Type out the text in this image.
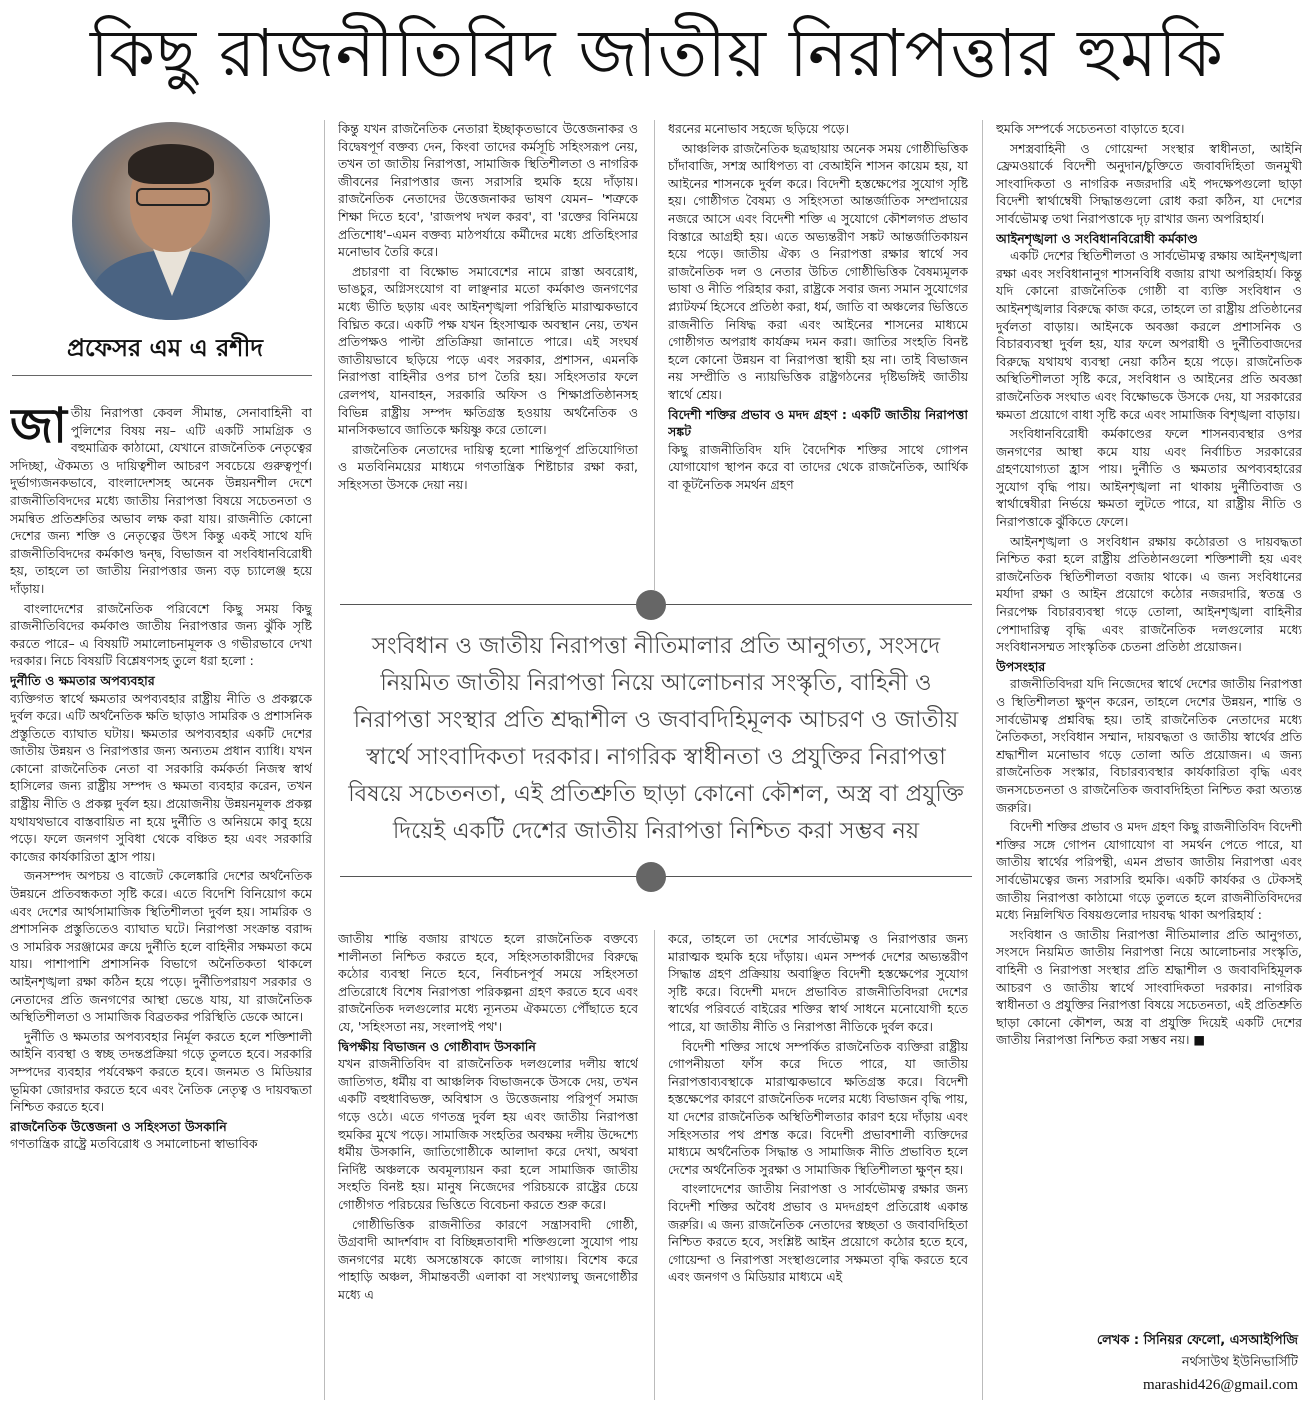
কিছু রাজনীতিবিদ জাতীয় নিরাপত্তার হুমকি
প্রফেসর এম এ রশীদ

জাতীয় নিরাপত্তা কেবল সীমান্ত, সেনাবাহিনী বা পুলিশের বিষয় নয়– এটি একটি সামগ্রিক ও বহুমাত্রিক কাঠামো, যেখানে রাজনৈতিক নেতৃত্বের সদিচ্ছা, ঐকমত্য ও দায়িত্বশীল আচরণ সবচেয়ে গুরুত্বপূর্ণ। দুর্ভাগ্যজনকভাবে, বাংলাদেশসহ অনেক উন্নয়নশীল দেশে রাজনীতিবিদদের মধ্যে জাতীয় নিরাপত্তা বিষয়ে সচেতনতা ও সমন্বিত প্রতিশ্রুতির অভাব লক্ষ করা যায়। রাজনীতি কোনো দেশের জন্য শক্তি ও নেতৃত্বের উৎস কিন্তু একই সাথে যদি রাজনীতিবিদদের কর্মকাণ্ড দ্বন্দ্ব, বিভাজন বা সংবিধানবিরোধী হয়, তাহলে তা জাতীয় নিরাপত্তার জন্য বড় চ্যালেঞ্জ হয়ে দাঁড়ায়।

বাংলাদেশের রাজনৈতিক পরিবেশে কিছু সময় কিছু রাজনীতিবিদের কর্মকাণ্ড জাতীয় নিরাপত্তার জন্য ঝুঁকি সৃষ্টি করতে পারে– এ বিষয়টি সমালোচনামূলক ও গভীরভাবে দেখা দরকার। নিচে বিষয়টি বিশ্লেষণসহ তুলে ধরা হলো :

দুর্নীতি ও ক্ষমতার অপব্যবহার

ব্যক্তিগত স্বার্থে ক্ষমতার অপব্যবহার রাষ্ট্রীয় নীতি ও প্রকল্পকে দুর্বল করে। এটি অর্থনৈতিক ক্ষতি ছাড়াও সামরিক ও প্রশাসনিক প্রস্তুতিতে ব্যাঘাত ঘটায়। ক্ষমতার অপব্যবহার একটি দেশের জাতীয় উন্নয়ন ও নিরাপত্তার জন্য অন্যতম প্রধান ব্যাধি। যখন কোনো রাজনৈতিক নেতা বা সরকারি কর্মকর্তা নিজস্ব স্বার্থ হাসিলের জন্য রাষ্ট্রীয় সম্পদ ও ক্ষমতা ব্যবহার করেন, তখন রাষ্ট্রীয় নীতি ও প্রকল্প দুর্বল হয়। প্রয়োজনীয় উন্নয়নমূলক প্রকল্প যথাযথভাবে বাস্তবায়িত না হয়ে দুর্নীতি ও অনিয়মে কাবু হয়ে পড়ে। ফলে জনগণ সুবিধা থেকে বঞ্চিত হয় এবং সরকারি কাজের কার্যকারিতা হ্রাস পায়।

জনসম্পদ অপচয় ও বাজেট কেলেঙ্কারি দেশের অর্থনৈতিক উন্নয়নে প্রতিবন্ধকতা সৃষ্টি করে। এতে বিদেশি বিনিয়োগ কমে এবং দেশের আর্থসামাজিক স্থিতিশীলতা দুর্বল হয়। সামরিক ও প্রশাসনিক প্রস্তুতিতেও ব্যাঘাত ঘটে। নিরাপত্তা সংক্রান্ত বরাদ্দ ও সামরিক সরঞ্জামের ক্রয়ে দুর্নীতি হলে বাহিনীর সক্ষমতা কমে যায়। পাশাপাশি প্রশাসনিক বিভাগে অনৈতিকতা থাকলে আইনশৃঙ্খলা রক্ষা কঠিন হয়ে পড়ে। দুর্নীতিপরায়ণ সরকার ও নেতাদের প্রতি জনগণের আস্থা ভেঙে যায়, যা রাজনৈতিক অস্থিতিশীলতা ও সামাজিক বিব্রতকর পরিস্থিতি ডেকে আনে।

দুর্নীতি ও ক্ষমতার অপব্যবহার নির্মূল করতে হলে শক্তিশালী আইনি ব্যবস্থা ও স্বচ্ছ তদন্তপ্রক্রিয়া গড়ে তুলতে হবে। সরকারি সম্পদের ব্যবহার পর্যবেক্ষণ করতে হবে। জনমত ও মিডিয়ার ভূমিকা জোরদার করতে হবে এবং নৈতিক নেতৃত্ব ও দায়বদ্ধতা নিশ্চিত করতে হবে।

রাজনৈতিক উত্তেজনা ও সহিংসতা উসকানি

গণতান্ত্রিক রাষ্ট্রে মতবিরোধ ও সমালোচনা স্বাভাবিক

কিন্তু যখন রাজনৈতিক নেতারা ইচ্ছাকৃতভাবে উত্তেজনাকর ও বিদ্বেষপূর্ণ বক্তব্য দেন, কিংবা তাদের কর্মসূচি সহিংসরূপ নেয়, তখন তা জাতীয় নিরাপত্তা, সামাজিক স্থিতিশীলতা ও নাগরিক জীবনের নিরাপত্তার জন্য সরাসরি হুমকি হয়ে দাঁড়ায়। রাজনৈতিক নেতাদের উত্তেজনাকর ভাষণ যেমন– 'শত্রুকে শিক্ষা দিতে হবে', 'রাজপথ দখল করব', বা 'রক্তের বিনিময়ে প্রতিশোধ'–এমন বক্তব্য মাঠপর্যায়ে কর্মীদের মধ্যে প্রতিহিংসার মনোভাব তৈরি করে।

প্রচারণা বা বিক্ষোভ সমাবেশের নামে রাস্তা অবরোধ, ভাঙচুর, অগ্নিসংযোগ বা লাঞ্ছনার মতো কর্মকাণ্ড জনগণের মধ্যে ভীতি ছড়ায় এবং আইনশৃঙ্খলা পরিস্থিতি মারাত্মকভাবে বিঘ্নিত করে। একটি পক্ষ যখন হিংসাত্মক অবস্থান নেয়, তখন প্রতিপক্ষও পাল্টা প্রতিক্রিয়া জানাতে পারে। এই সংঘর্ষ জাতীয়ভাবে ছড়িয়ে পড়ে এবং সরকার, প্রশাসন, এমনকি নিরাপত্তা বাহিনীর ওপর চাপ তৈরি হয়। সহিংসতার ফলে রেলপথ, যানবাহন, সরকারি অফিস ও শিক্ষাপ্রতিষ্ঠানসহ বিভিন্ন রাষ্ট্রীয় সম্পদ ক্ষতিগ্রস্ত হওয়ায় অর্থনৈতিক ও মানসিকভাবে জাতিকে ক্ষয়িষ্ণু করে তোলে।

রাজনৈতিক নেতাদের দায়িত্ব হলো শান্তিপূর্ণ প্রতিযোগিতা ও মতবিনিময়ের মাধ্যমে গণতান্ত্রিক শিষ্টাচার রক্ষা করা, সহিংসতা উসকে দেয়া নয়।

ধরনের মনোভাব সহজে ছড়িয়ে পড়ে।

আঞ্চলিক রাজনৈতিক ছত্রছায়ায় অনেক সময় গোষ্ঠীভিত্তিক চাঁদাবাজি, সশস্ত্র আধিপত্য বা বেআইনি শাসন কায়েম হয়, যা আইনের শাসনকে দুর্বল করে। বিদেশী হস্তক্ষেপের সুযোগ সৃষ্টি হয়। গোষ্ঠীগত বৈষম্য ও সহিংসতা আন্তর্জাতিক সম্প্রদায়ের নজরে আসে এবং বিদেশী শক্তি এ সুযোগে কৌশলগত প্রভাব বিস্তারে আগ্রহী হয়। এতে অভ্যন্তরীণ সঙ্কট আন্তর্জাতিকায়ন হয়ে পড়ে। জাতীয় ঐক্য ও নিরাপত্তা রক্ষার স্বার্থে সব রাজনৈতিক দল ও নেতার উচিত গোষ্ঠীভিত্তিক বৈষম্যমূলক ভাষা ও নীতি পরিহার করা, রাষ্ট্রকে সবার জন্য সমান সুযোগের প্ল্যাটফর্ম হিসেবে প্রতিষ্ঠা করা, ধর্ম, জাতি বা অঞ্চলের ভিত্তিতে রাজনীতি নিষিদ্ধ করা এবং আইনের শাসনের মাধ্যমে গোষ্ঠীগত অপরাধ কার্যক্রম দমন করা। জাতির সংহতি বিনষ্ট হলে কোনো উন্নয়ন বা নিরাপত্তা স্থায়ী হয় না। তাই বিভাজন নয় সম্প্রীতি ও ন্যায়ভিত্তিক রাষ্ট্রগঠনের দৃষ্টিভঙ্গিই জাতীয় স্বার্থে শ্রেয়।

বিদেশী শক্তির প্রভাব ও মদদ গ্রহণ : একটি জাতীয় নিরাপত্তা সঙ্কট

কিছু রাজনীতিবিদ যদি বৈদেশিক শক্তির সাথে গোপন যোগাযোগ স্থাপন করে বা তাদের থেকে রাজনৈতিক, আর্থিক বা কূটনৈতিক সমর্থন গ্রহণ

সংবিধান ও জাতীয় নিরাপত্তা নীতিমালার প্রতি আনুগত্য, সংসদে নিয়মিত জাতীয় নিরাপত্তা নিয়ে আলোচনার সংস্কৃতি, বাহিনী ও নিরাপত্তা সংস্থার প্রতি শ্রদ্ধাশীল ও জবাবদিহিমূলক আচরণ ও জাতীয় স্বার্থে সাংবাদিকতা দরকার। নাগরিক স্বাধীনতা ও প্রযুক্তির নিরাপত্তা বিষয়ে সচেতনতা, এই প্রতিশ্রুতি ছাড়া কোনো কৌশল, অস্ত্র বা প্রযুক্তি দিয়েই একটি দেশের জাতীয় নিরাপত্তা নিশ্চিত করা সম্ভব নয়

জাতীয় শান্তি বজায় রাখতে হলে রাজনৈতিক বক্তব্যে শালীনতা নিশ্চিত করতে হবে, সহিংসতাকারীদের বিরুদ্ধে কঠোর ব্যবস্থা নিতে হবে, নির্বাচনপূর্ব সময়ে সহিংসতা প্রতিরোধে বিশেষ নিরাপত্তা পরিকল্পনা গ্রহণ করতে হবে এবং রাজনৈতিক দলগুলোর মধ্যে ন্যূনতম ঐকমত্যে পৌঁছাতে হবে যে, 'সহিংসতা নয়, সংলাপই পথ'।

দ্বিপক্ষীয় বিভাজন ও গোষ্ঠীবাদ উসকানি

যখন রাজনীতিবিদ বা রাজনৈতিক দলগুলোর দলীয় স্বার্থে জাতিগত, ধর্মীয় বা আঞ্চলিক বিভাজনকে উসকে দেয়, তখন একটি বহুধাবিভক্ত, অবিশ্বাস ও উত্তেজনায় পরিপূর্ণ সমাজ গড়ে ওঠে। এতে গণতন্ত্র দুর্বল হয় এবং জাতীয় নিরাপত্তা হুমকির মুখে পড়ে। সামাজিক সংহতির অবক্ষয় দলীয় উদ্দেশ্যে ধর্মীয় উসকানি, জাতিগোষ্ঠীকে আলাদা করে দেখা, অথবা নির্দিষ্ট অঞ্চলকে অবমূল্যায়ন করা হলে সামাজিক জাতীয় সংহতি বিনষ্ট হয়। মানুষ নিজেদের পরিচয়কে রাষ্ট্রের চেয়ে গোষ্ঠীগত পরিচয়ের ভিত্তিতে বিবেচনা করতে শুরু করে।

গোষ্ঠীভিত্তিক রাজনীতির কারণে সন্ত্রাসবাদী গোষ্ঠী, উগ্রবাদী আদর্শবাদ বা বিচ্ছিন্নতাবাদী শক্তিগুলো সুযোগ পায় জনগণের মধ্যে অসন্তোষকে কাজে লাগায়। বিশেষ করে পাহাড়ি অঞ্চল, সীমান্তবর্তী এলাকা বা সংখ্যালঘু জনগোষ্ঠীর মধ্যে এ

করে, তাহলে তা দেশের সার্বভৌমত্ব ও নিরাপত্তার জন্য মারাত্মক হুমকি হয়ে দাঁড়ায়। এমন সম্পর্ক দেশের অভ্যন্তরীণ সিদ্ধান্ত গ্রহণ প্রক্রিয়ায় অবাঞ্ছিত বিদেশী হস্তক্ষেপের সুযোগ সৃষ্টি করে। বিদেশী মদদে প্রভাবিত রাজনীতিবিদরা দেশের স্বার্থের পরিবর্তে বাইরের শক্তির স্বার্থ সাধনে মনোযোগী হতে পারে, যা জাতীয় নীতি ও নিরাপত্তা নীতিকে দুর্বল করে।

বিদেশী শক্তির সাথে সম্পর্কিত রাজনৈতিক ব্যক্তিরা রাষ্ট্রীয় গোপনীয়তা ফাঁস করে দিতে পারে, যা জাতীয় নিরাপত্তাব্যবস্থাকে মারাত্মকভাবে ক্ষতিগ্রস্ত করে। বিদেশী হস্তক্ষেপের কারণে রাজনৈতিক দলের মধ্যে বিভাজন বৃদ্ধি পায়, যা দেশের রাজনৈতিক অস্থিতিশীলতার কারণ হয়ে দাঁড়ায় এবং সহিংসতার পথ প্রশস্ত করে। বিদেশী প্রভাবশালী ব্যক্তিদের মাধ্যমে অর্থনৈতিক সিদ্ধান্ত ও সামাজিক নীতি প্রভাবিত হলে দেশের অর্থনৈতিক সুরক্ষা ও সামাজিক স্থিতিশীলতা ক্ষুণ্ন হয়।

বাংলাদেশের জাতীয় নিরাপত্তা ও সার্বভৌমত্ব রক্ষার জন্য বিদেশী শক্তির অবৈধ প্রভাব ও মদদগ্রহণ প্রতিরোধ একান্ত জরুরি। এ জন্য রাজনৈতিক নেতাদের স্বচ্ছতা ও জবাবদিহিতা নিশ্চিত করতে হবে, সংশ্লিষ্ট আইন প্রয়োগে কঠোর হতে হবে, গোয়েন্দা ও নিরাপত্তা সংস্থাগুলোর সক্ষমতা বৃদ্ধি করতে হবে এবং জনগণ ও মিডিয়ার মাধ্যমে এই

হুমকি সম্পর্কে সচেতনতা বাড়াতে হবে।

সশস্ত্রবাহিনী ও গোয়েন্দা সংস্থার স্বাধীনতা, আইনি ফ্রেমওয়ার্কে বিদেশী অনুদান/চুক্তিতে জবাবদিহিতা জনমুখী সাংবাদিকতা ও নাগরিক নজরদারি এই পদক্ষেপগুলো ছাড়া বিদেশী স্বার্থাম্বেষী সিদ্ধান্তগুলো রোধ করা কঠিন, যা দেশের সার্বভৌমত্ব তথা নিরাপত্তাকে দৃঢ় রাখার জন্য অপরিহার্য।

আইনশৃঙ্খলা ও সংবিধানবিরোধী কর্মকাণ্ড

একটি দেশের স্থিতিশীলতা ও সার্বভৌমত্ব রক্ষায় আইনশৃঙ্খলা রক্ষা এবং সংবিধানানুগ শাসনবিধি বজায় রাখা অপরিহার্য। কিন্তু যদি কোনো রাজনৈতিক গোষ্ঠী বা ব্যক্তি সংবিধান ও আইনশৃঙ্খলার বিরুদ্ধে কাজ করে, তাহলে তা রাষ্ট্রীয় প্রতিষ্ঠানের দুর্বলতা বাড়ায়। আইনকে অবজ্ঞা করলে প্রশাসনিক ও বিচারব্যবস্থা দুর্বল হয়, যার ফলে অপরাধী ও দুর্নীতিবাজদের বিরুদ্ধে যথাযথ ব্যবস্থা নেয়া কঠিন হয়ে পড়ে। রাজনৈতিক অস্থিতিশীলতা সৃষ্টি করে, সংবিধান ও আইনের প্রতি অবজ্ঞা রাজনৈতিক সংঘাত এবং বিক্ষোভকে উসকে দেয়, যা সরকারের ক্ষমতা প্রয়োগে বাধা সৃষ্টি করে এবং সামাজিক বিশৃঙ্খলা বাড়ায়।

সংবিধানবিরোধী কর্মকাণ্ডের ফলে শাসনব্যবস্থার ওপর জনগণের আস্থা কমে যায় এবং নির্বাচিত সরকারের গ্রহণযোগ্যতা হ্রাস পায়। দুর্নীতি ও ক্ষমতার অপব্যবহারের সুযোগ বৃদ্ধি পায়। আইনশৃঙ্খলা না থাকায় দুর্নীতিবাজ ও স্বার্থান্বেষীরা নির্ভয়ে ক্ষমতা লুটতে পারে, যা রাষ্ট্রীয় নীতি ও নিরাপত্তাকে ঝুঁকিতে ফেলে।

আইনশৃঙ্খলা ও সংবিধান রক্ষায় কঠোরতা ও দায়বদ্ধতা নিশ্চিত করা হলে রাষ্ট্রীয় প্রতিষ্ঠানগুলো শক্তিশালী হয় এবং রাজনৈতিক স্থিতিশীলতা বজায় থাকে। এ জন্য সংবিধানের মর্যাদা রক্ষা ও আইন প্রয়োগে কঠোর নজরদারি, স্বতন্ত্র ও নিরপেক্ষ বিচারব্যবস্থা গড়ে তোলা, আইনশৃঙ্খলা বাহিনীর পেশাদারিত্ব বৃদ্ধি এবং রাজনৈতিক দলগুলোর মধ্যে সংবিধানসম্মত সাংস্কৃতিক চেতনা প্রতিষ্ঠা প্রয়োজন।

উপসংহার

রাজনীতিবিদরা যদি নিজেদের স্বার্থে দেশের জাতীয় নিরাপত্তা ও স্থিতিশীলতা ক্ষুণ্ন করেন, তাহলে দেশের উন্নয়ন, শান্তি ও সার্বভৌমত্ব প্রশ্নবিদ্ধ হয়। তাই রাজনৈতিক নেতাদের মধ্যে নৈতিকতা, সংবিধান সম্মান, দায়বদ্ধতা ও জাতীয় স্বার্থের প্রতি শ্রদ্ধাশীল মনোভাব গড়ে তোলা অতি প্রয়োজন। এ জন্য রাজনৈতিক সংস্কার, বিচারব্যবস্থার কার্যকারিতা বৃদ্ধি এবং জনসচেতনতা ও রাজনৈতিক জবাবদিহিতা নিশ্চিত করা অত্যন্ত জরুরি।

বিদেশী শক্তির প্রভাব ও মদদ গ্রহণ কিছু রাজনীতিবিদ বিদেশী শক্তির সঙ্গে গোপন যোগাযোগ বা সমর্থন পেতে পারে, যা জাতীয় স্বার্থের পরিপন্থী, এমন প্রভাব জাতীয় নিরাপত্তা এবং সার্বভৌমত্বের জন্য সরাসরি হুমকি। একটি কার্যকর ও টেকসই জাতীয় নিরাপত্তা কাঠামো গড়ে তুলতে হলে রাজনীতিবিদদের মধ্যে নিম্নলিখিত বিষয়গুলোর দায়বদ্ধ থাকা অপরিহার্য :

সংবিধান ও জাতীয় নিরাপত্তা নীতিমালার প্রতি আনুগত্য, সংসদে নিয়মিত জাতীয় নিরাপত্তা নিয়ে আলোচনার সংস্কৃতি, বাহিনী ও নিরাপত্তা সংস্থার প্রতি শ্রদ্ধাশীল ও জবাবদিহিমূলক আচরণ ও জাতীয় স্বার্থে সাংবাদিকতা দরকার। নাগরিক স্বাধীনতা ও প্রযুক্তির নিরাপত্তা বিষয়ে সচেতনতা, এই প্রতিশ্রুতি ছাড়া কোনো কৌশল, অস্ত্র বা প্রযুক্তি দিয়েই একটি দেশের জাতীয় নিরাপত্তা নিশ্চিত করা সম্ভব নয়। ■

লেখক : সিনিয়র ফেলো, এসআইপিজি
নর্থসাউথ ইউনিভার্সিটি
marashid426@gmail.com
